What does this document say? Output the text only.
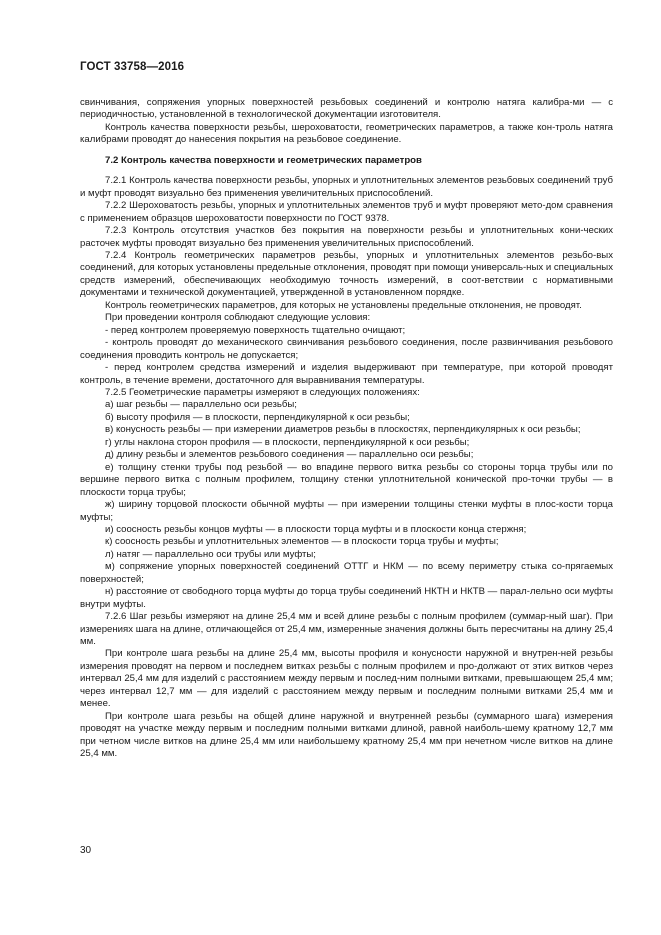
ГОСТ 33758—2016

свинчивания, сопряжения упорных поверхностей резьбовых соединений и контролю натяга калибра-ми — с периодичностью, установленной в технологической документации изготовителя.

Контроль качества поверхности резьбы, шероховатости, геометрических параметров, а также кон-троль натяга калибрами проводят до нанесения покрытия на резьбовое соединение.

7.2 Контроль качества поверхности и геометрических параметров

7.2.1 Контроль качества поверхности резьбы, упорных и уплотнительных элементов резьбовых соединений труб и муфт проводят визуально без применения увеличительных приспособлений.

7.2.2 Шероховатость резьбы, упорных и уплотнительных элементов труб и муфт проверяют мето-дом сравнения с применением образцов шероховатости поверхности по ГОСТ 9378.

7.2.3 Контроль отсутствия участков без покрытия на поверхности резьбы и уплотнительных кони-ческих расточек муфты проводят визуально без применения увеличительных приспособлений.

7.2.4 Контроль геометрических параметров резьбы, упорных и уплотнительных элементов резьбо-вых соединений, для которых установлены предельные отклонения, проводят при помощи универсаль-ных и специальных средств измерений, обеспечивающих необходимую точность измерений, в соот-ветствии с нормативными документами и технической документацией, утвержденной в установленном порядке.

Контроль геометрических параметров, для которых не установлены предельные отклонения, не проводят.

При проведении контроля соблюдают следующие условия:

- перед контролем проверяемую поверхность тщательно очищают;

- контроль проводят до механического свинчивания резьбового соединения, после развинчивания резьбового соединения проводить контроль не допускается;

- перед контролем средства измерений и изделия выдерживают при температуре, при которой проводят контроль, в течение времени, достаточного для выравнивания температуры.

7.2.5 Геометрические параметры измеряют в следующих положениях:

а) шаг резьбы — параллельно оси резьбы;

б) высоту профиля — в плоскости, перпендикулярной к оси резьбы;

в) конусность резьбы — при измерении диаметров резьбы в плоскостях, перпендикулярных к оси резьбы;

г) углы наклона сторон профиля — в плоскости, перпендикулярной к оси резьбы;

д) длину резьбы и элементов резьбового соединения — параллельно оси резьбы;

е) толщину стенки трубы под резьбой — во впадине первого витка резьбы со стороны торца трубы или по вершине первого витка с полным профилем, толщину стенки уплотнительной конической про-точки трубы — в плоскости торца трубы;

ж) ширину торцовой плоскости обычной муфты — при измерении толщины стенки муфты в плос-кости торца муфты;

и) соосность резьбы концов муфты — в плоскости торца муфты и в плоскости конца стержня;

к) соосность резьбы и уплотнительных элементов — в плоскости торца трубы и муфты;

л) натяг — параллельно оси трубы или муфты;

м) сопряжение упорных поверхностей соединений ОТТГ и НКМ — по всему периметру стыка со-прягаемых поверхностей;

н) расстояние от свободного торца муфты до торца трубы соединений НКТН и НКТВ — парал-лельно оси муфты внутри муфты.

7.2.6 Шаг резьбы измеряют на длине 25,4 мм и всей длине резьбы с полным профилем (суммар-ный шаг). При измерениях шага на длине, отличающейся от 25,4 мм, измеренные значения должны быть пересчитаны на длину 25,4 мм.

При контроле шага резьбы на длине 25,4 мм, высоты профиля и конусности наружной и внутрен-ней резьбы измерения проводят на первом и последнем витках резьбы с полным профилем и про-должают от этих витков через интервал 25,4 мм для изделий с расстоянием между первым и послед-ним полными витками, превышающем 25,4 мм; через интервал 12,7 мм — для изделий с расстоянием между первым и последним полными витками 25,4 мм и менее.

При контроле шага резьбы на общей длине наружной и внутренней резьбы (суммарного шага) измерения проводят на участке между первым и последним полными витками длиной, равной наиболь-шему кратному 12,7 мм при четном числе витков на длине 25,4 мм или наибольшему кратному 25,4 мм при нечетном числе витков на длине 25,4 мм.

30
